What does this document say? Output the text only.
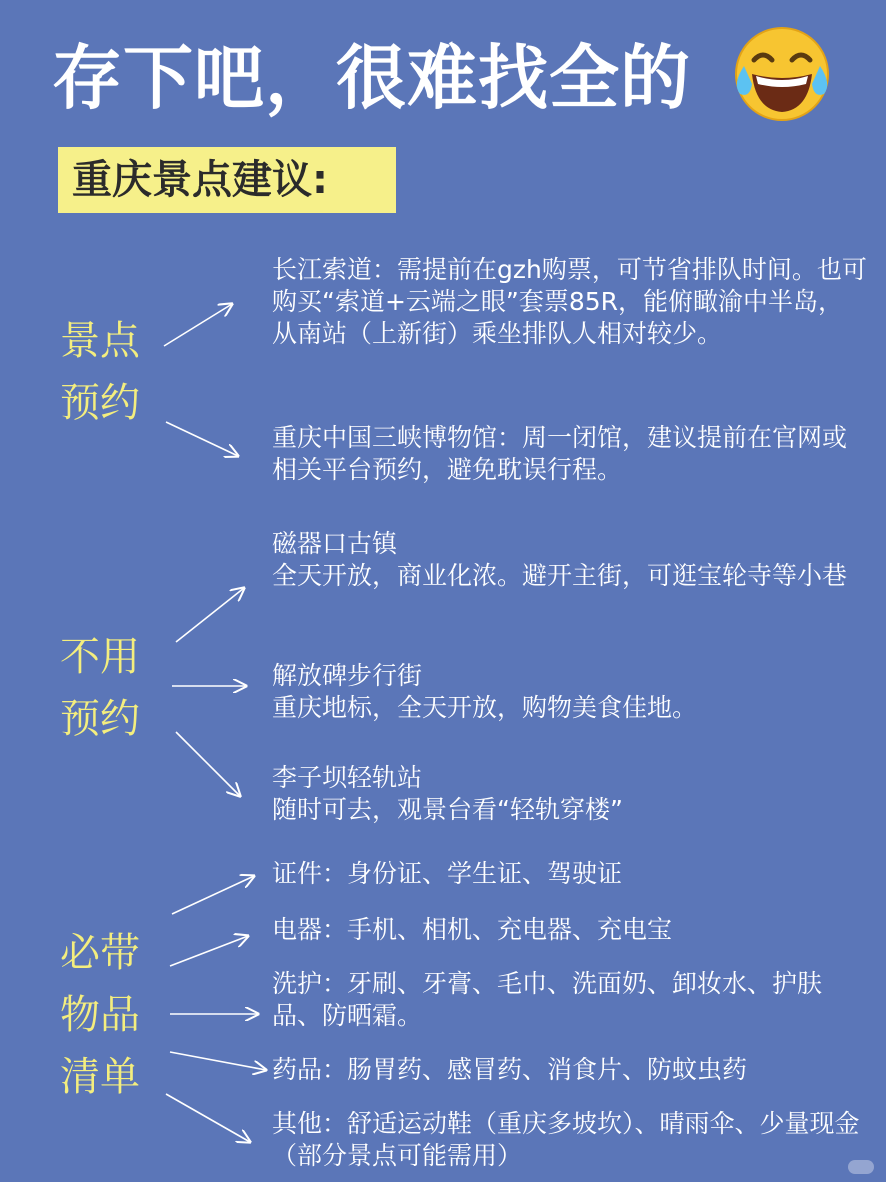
存下吧，很难找全的
重庆景点建议:
景点
预约
长江索道：需提前在gzh购票，可节省排队时间。也可购买“索道+云端之眼”套票85R，能俯瞰渝中半岛，从南站（上新街）乘坐排队人相对较少。
重庆中国三峡博物馆：周一闭馆，建议提前在官网或相关平台预约，避免耽误行程。
不用
预约
磁器口古镇
全天开放，商业化浓。避开主街，可逛宝轮寺等小巷
解放碑步行街
重庆地标，全天开放，购物美食佳地。
李子坝轻轨站
随时可去，观景台看“轻轨穿楼”
必带
物品
清单
证件：身份证、学生证、驾驶证
电器：手机、相机、充电器、充电宝
洗护：牙刷、牙膏、毛巾、洗面奶、卸妆水、护肤品、防晒霜。
药品：肠胃药、感冒药、消食片、防蚊虫药
其他：舒适运动鞋（重庆多坡坎）、晴雨伞、少量现金（部分景点可能需用）
